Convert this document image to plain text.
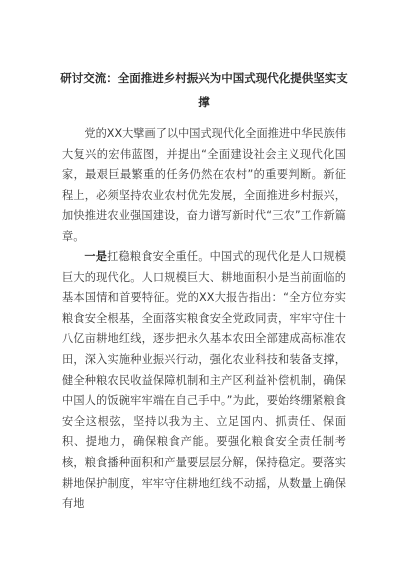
研讨交流：全面推进乡村振兴为中国式现代化提供坚实支撑

党的XX大擘画了以中国式现代化全面推进中华民族伟大复兴的宏伟蓝图，并提出“全面建设社会主义现代化国家，最艰巨最繁重的任务仍然在农村”的重要判断。新征程上，必须坚持农业农村优先发展，全面推进乡村振兴，加快推进农业强国建设，奋力谱写新时代“三农”工作新篇章。

一是扛稳粮食安全重任。中国式的现代化是人口规模巨大的现代化。人口规模巨大、耕地面积小是当前面临的基本国情和首要特征。党的XX大报告指出：“全方位夯实粮食安全根基，全面落实粮食安全党政同责，牢牢守住十八亿亩耕地红线，逐步把永久基本农田全部建成高标准农田，深入实施种业振兴行动，强化农业科技和装备支撑，健全种粮农民收益保障机制和主产区利益补偿机制，确保中国人的饭碗牢牢端在自己手中。”为此，要始终绷紧粮食安全这根弦，坚持以我为主、立足国内、抓责任、保面积、提地力，确保粮食产能。要强化粮食安全责任制考核，粮食播种面积和产量要层层分解，保持稳定。要落实耕地保护制度，牢牢守住耕地红线不动摇，从数量上确保有地
